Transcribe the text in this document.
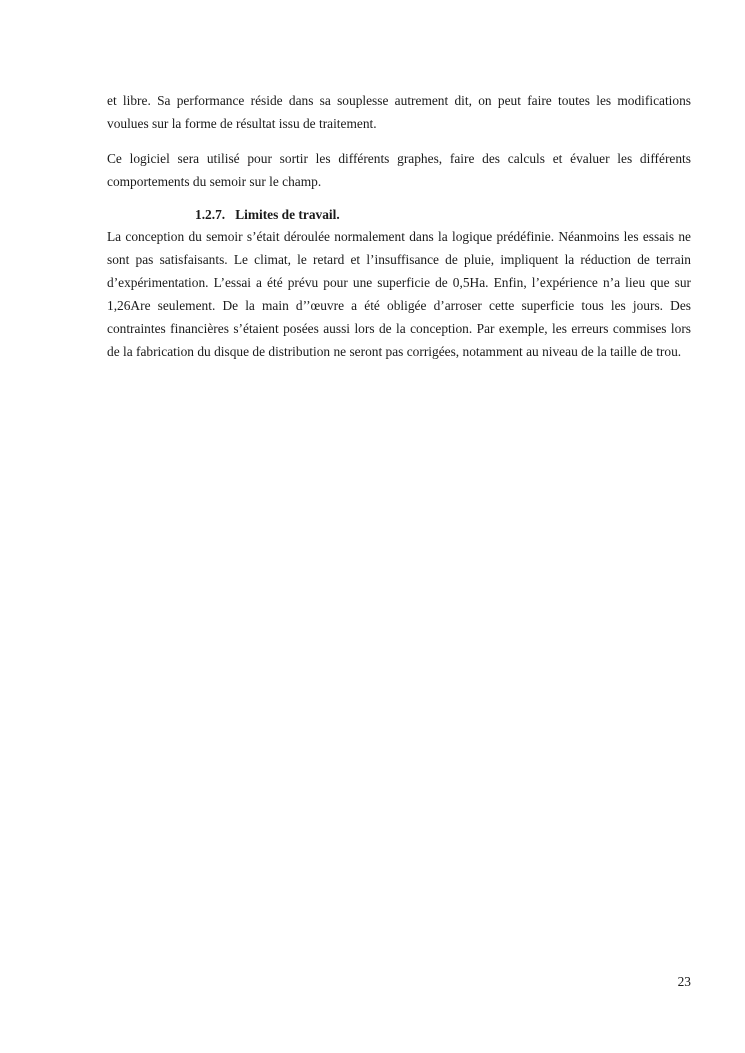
et libre. Sa performance réside dans sa souplesse autrement dit, on peut faire toutes les modifications voulues sur la forme de résultat issu de traitement.

Ce logiciel sera utilisé pour sortir les différents graphes, faire des calculs et évaluer les différents comportements du semoir sur le champ.

1.2.7. Limites de travail.

La conception du semoir s’était déroulée normalement dans la logique prédéfinie. Néanmoins les essais ne sont pas satisfaisants. Le climat, le retard et l’insuffisance de pluie, impliquent la réduction de terrain d’expérimentation. L’essai a été prévu pour une superficie de 0,5Ha. Enfin, l’expérience n’a lieu que sur 1,26Are seulement. De la main d’’œuvre a été obligée d’arroser cette superficie tous les jours. Des contraintes financières s’étaient posées aussi lors de la conception. Par exemple, les erreurs commises lors de la fabrication du disque de distribution ne seront pas corrigées, notamment au niveau de la taille de trou.

23
